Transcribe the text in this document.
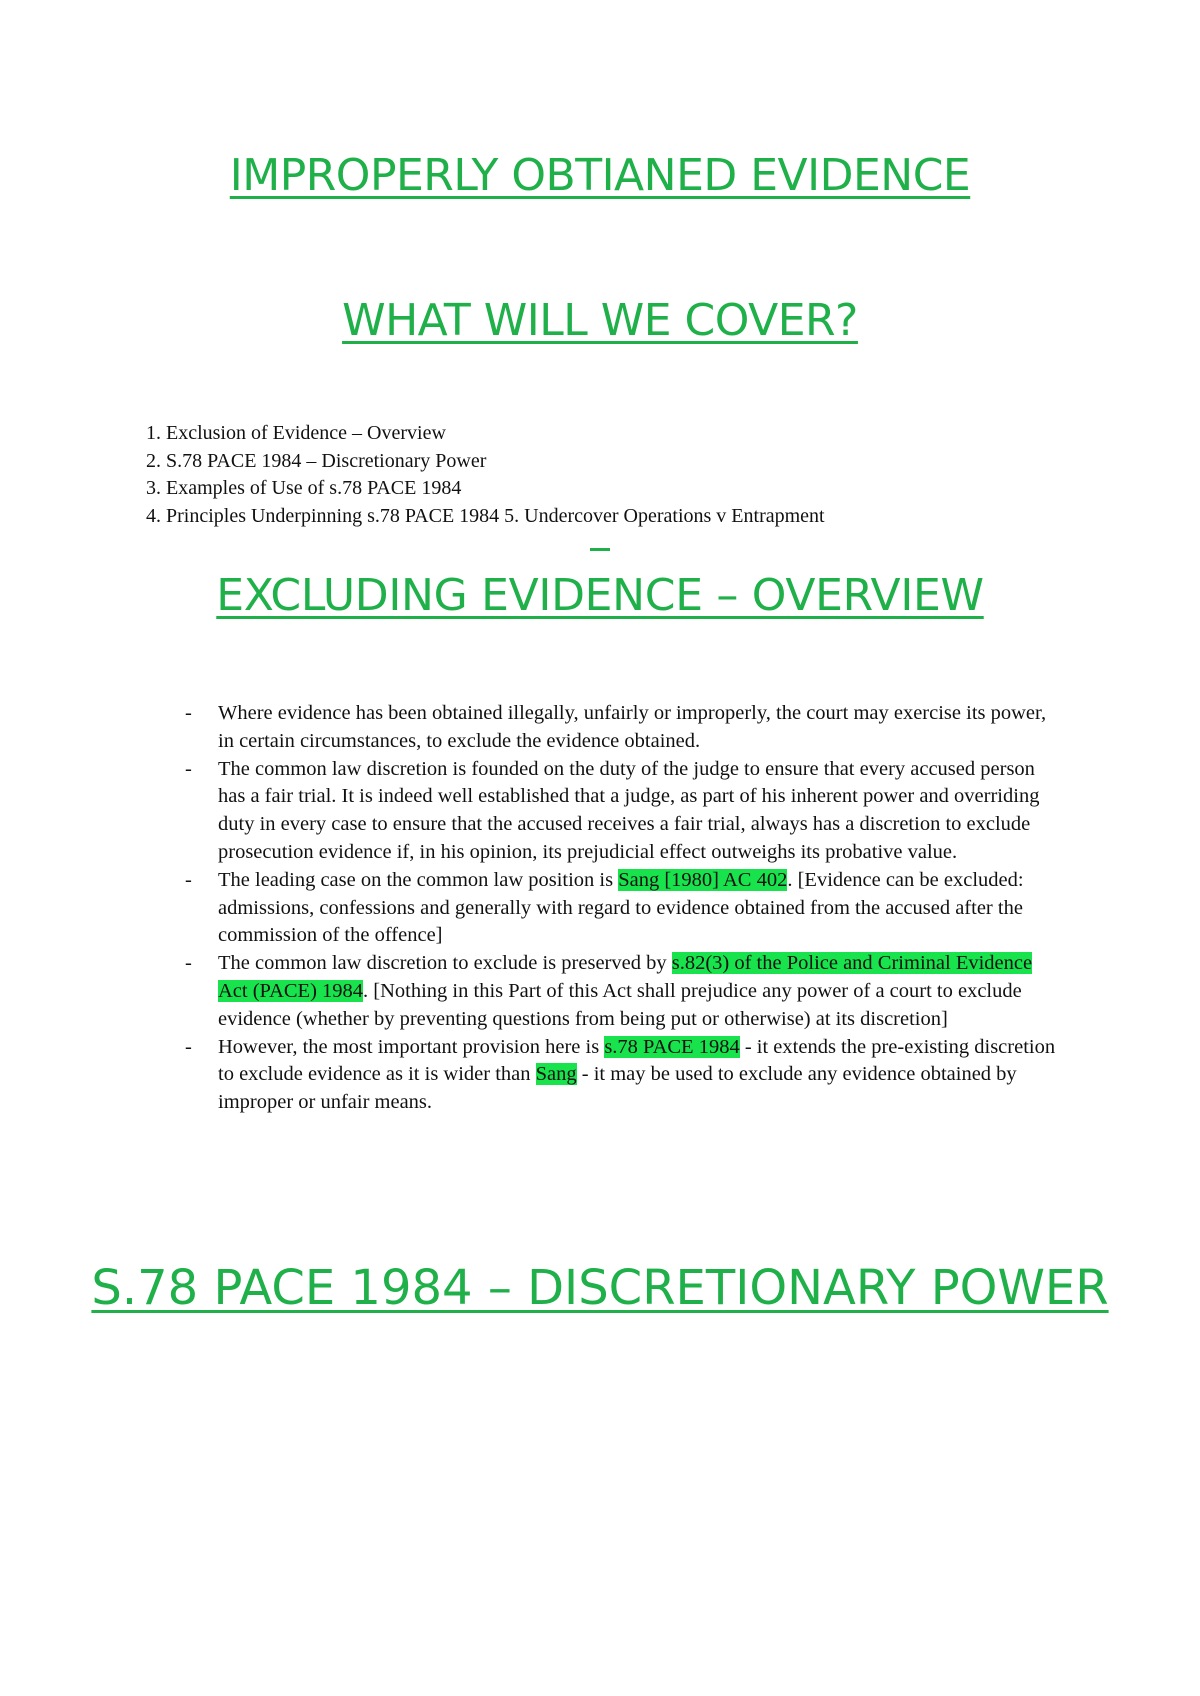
IMPROPERLY OBTIANED EVIDENCE
WHAT WILL WE COVER?
1. Exclusion of Evidence – Overview
2. S.78 PACE 1984 – Discretionary Power
3. Examples of Use of s.78 PACE 1984
4. Principles Underpinning s.78 PACE 1984 5. Undercover Operations v Entrapment
EXCLUDING EVIDENCE – OVERVIEW
- Where evidence has been obtained illegally, unfairly or improperly, the court may exercise its power, in certain circumstances, to exclude the evidence obtained.
- The common law discretion is founded on the duty of the judge to ensure that every accused person has a fair trial. It is indeed well established that a judge, as part of his inherent power and overriding duty in every case to ensure that the accused receives a fair trial, always has a discretion to exclude prosecution evidence if, in his opinion, its prejudicial effect outweighs its probative value.
- The leading case on the common law position is Sang [1980] AC 402. [Evidence can be excluded: admissions, confessions and generally with regard to evidence obtained from the accused after the commission of the offence]
- The common law discretion to exclude is preserved by s.82(3) of the Police and Criminal Evidence Act (PACE) 1984. [Nothing in this Part of this Act shall prejudice any power of a court to exclude evidence (whether by preventing questions from being put or otherwise) at its discretion]
- However, the most important provision here is s.78 PACE 1984 - it extends the pre-existing discretion to exclude evidence as it is wider than Sang - it may be used to exclude any evidence obtained by improper or unfair means.
S.78 PACE 1984 – DISCRETIONARY POWER
